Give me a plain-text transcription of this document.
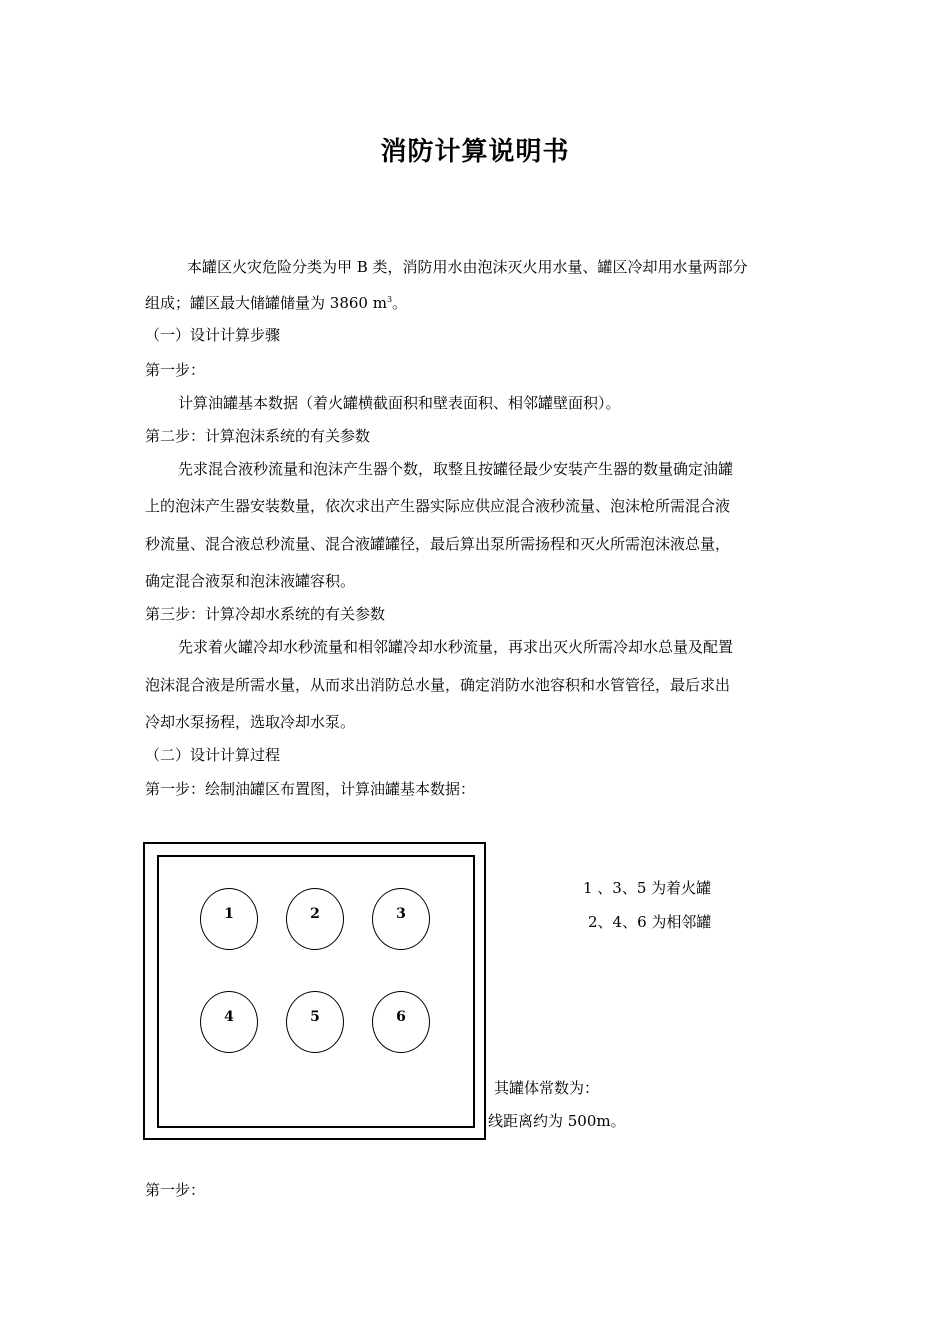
消防计算说明书
本罐区火灾危险分类为甲 B 类，消防用水由泡沫灭火用水量、罐区冷却用水量两部分
组成；罐区最大储罐储量为 3860 $m^3$。
（一）设计计算步骤
第一步：
计算油罐基本数据（着火罐横截面积和壁表面积、相邻罐壁面积）。
第二步：计算泡沫系统的有关参数
先求混合液秒流量和泡沫产生器个数，取整且按罐径最少安装产生器的数量确定油罐
上的泡沫产生器安装数量，依次求出产生器实际应供应混合液秒流量、泡沫枪所需混合液
秒流量、混合液总秒流量、混合液罐罐径，最后算出泵所需扬程和灭火所需泡沫液总量，
确定混合液泵和泡沫液罐容积。
第三步：计算冷却水系统的有关参数
先求着火罐冷却水秒流量和相邻罐冷却水秒流量，再求出灭火所需冷却水总量及配置
泡沫混合液是所需水量，从而求出消防总水量，确定消防水池容积和水管管径，最后求出
冷却水泵扬程，选取冷却水泵。
（二）设计计算过程
第一步：绘制油罐区布置图，计算油罐基本数据：
1	2	3
4	5	6
1 、3、5 为着火罐
2、4、6 为相邻罐
其罐体常数为：
线距离约为 500m。
第一步：
